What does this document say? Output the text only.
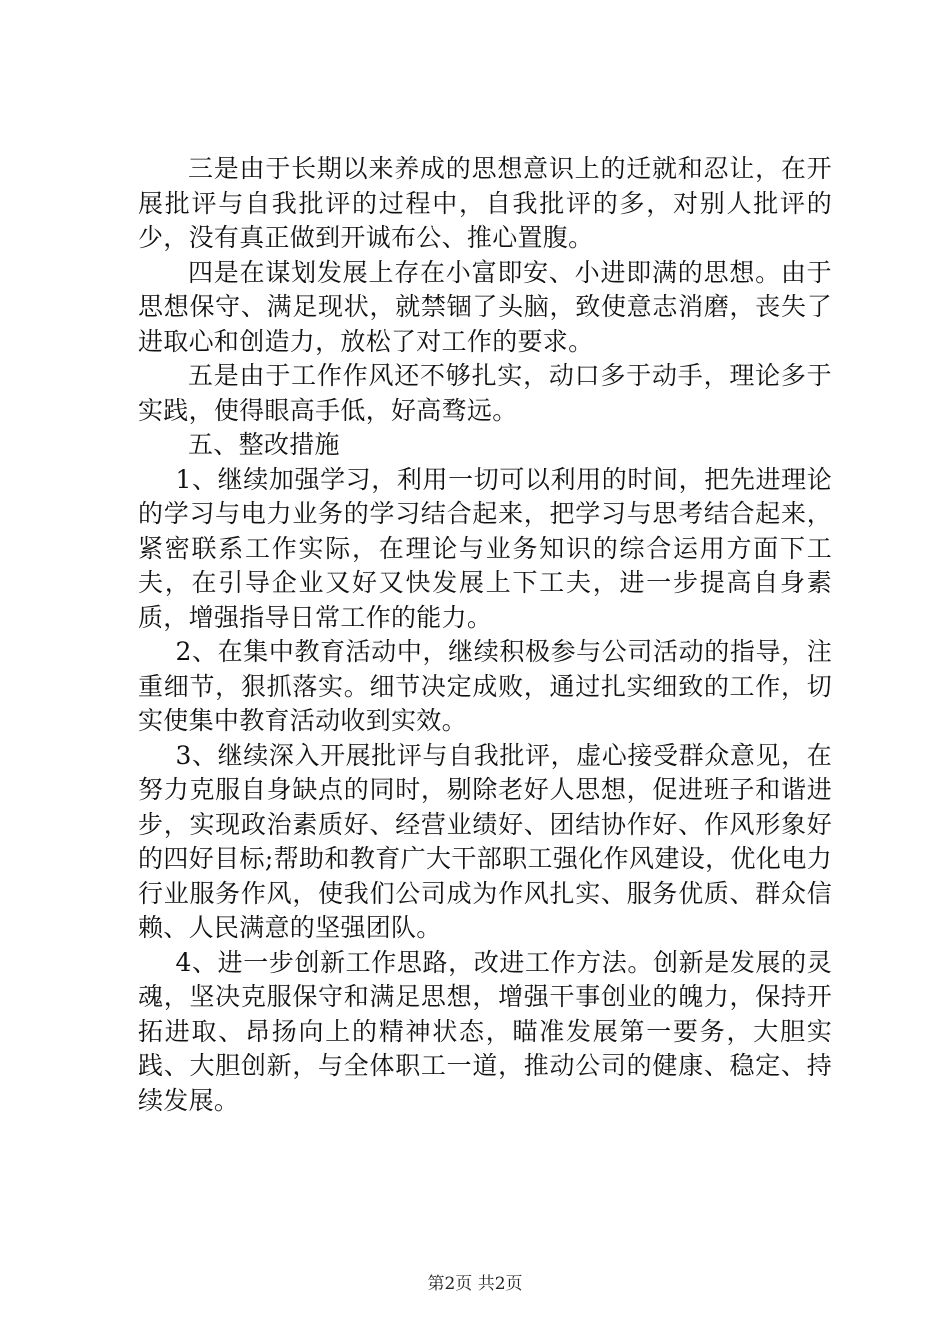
三是由于长期以来养成的思想意识上的迁就和忍让，在开展批评与自我批评的过程中，自我批评的多，对别人批评的少，没有真正做到开诚布公、推心置腹。

四是在谋划发展上存在小富即安、小进即满的思想。由于思想保守、满足现状，就禁锢了头脑，致使意志消磨，丧失了进取心和创造力，放松了对工作的要求。

五是由于工作作风还不够扎实，动口多于动手，理论多于实践，使得眼高手低，好高骛远。

五、整改措施

1、继续加强学习，利用一切可以利用的时间，把先进理论的学习与电力业务的学习结合起来，把学习与思考结合起来，紧密联系工作实际，在理论与业务知识的综合运用方面下工夫，在引导企业又好又快发展上下工夫，进一步提高自身素质，增强指导日常工作的能力。

2、在集中教育活动中，继续积极参与公司活动的指导，注重细节，狠抓落实。细节决定成败，通过扎实细致的工作，切实使集中教育活动收到实效。

3、继续深入开展批评与自我批评，虚心接受群众意见，在努力克服自身缺点的同时，剔除老好人思想，促进班子和谐进步，实现政治素质好、经营业绩好、团结协作好、作风形象好的四好目标;帮助和教育广大干部职工强化作风建设，优化电力行业服务作风，使我们公司成为作风扎实、服务优质、群众信赖、人民满意的坚强团队。

4、进一步创新工作思路，改进工作方法。创新是发展的灵魂，坚决克服保守和满足思想，增强干事创业的魄力，保持开拓进取、昂扬向上的精神状态，瞄准发展第一要务，大胆实践、大胆创新，与全体职工一道，推动公司的健康、稳定、持续发展。

第2页 共2页
